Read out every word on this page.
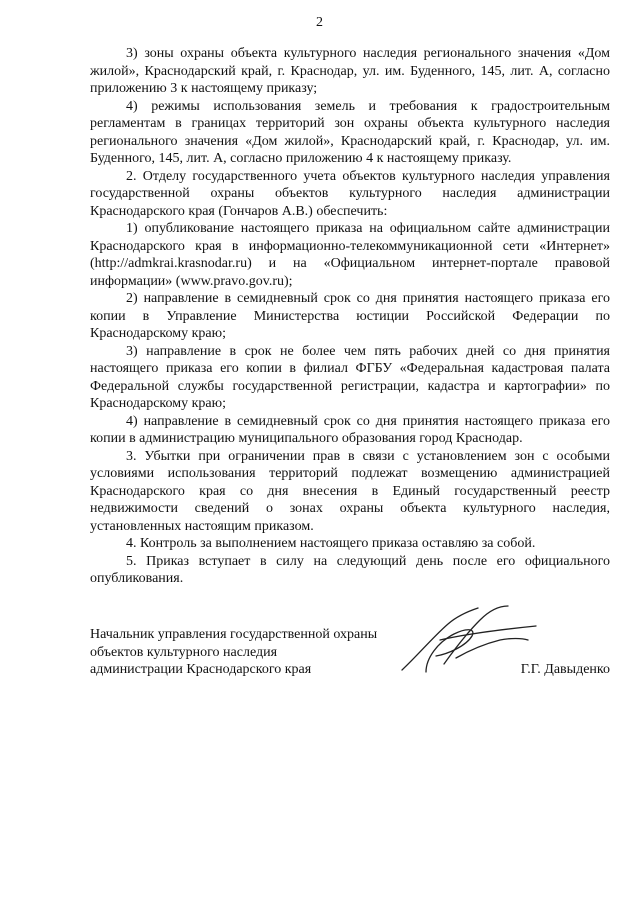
2

3) зоны охраны объекта культурного наследия регионального значения «Дом жилой», Краснодарский край, г. Краснодар, ул. им. Буденного, 145, лит. А, согласно приложению 3 к настоящему приказу;

4) режимы использования земель и требования к градостроительным регламентам в границах территорий зон охраны объекта культурного наследия регионального значения «Дом жилой», Краснодарский край, г. Краснодар, ул. им. Буденного, 145, лит. А, согласно приложению 4 к настоящему приказу.

2. Отделу государственного учета объектов культурного наследия управления государственной охраны объектов культурного наследия администрации Краснодарского края (Гончаров А.В.) обеспечить:

1) опубликование настоящего приказа на официальном сайте администрации Краснодарского края в информационно-телекоммуникационной сети «Интернет» (http://admkrai.krasnodar.ru) и на «Официальном интернет-портале правовой информации» (www.pravo.gov.ru);

2) направление в семидневный срок со дня принятия настоящего приказа его копии в Управление Министерства юстиции Российской Федерации по Краснодарскому краю;

3) направление в срок не более чем пять рабочих дней со дня принятия настоящего приказа его копии в филиал ФГБУ «Федеральная кадастровая палата Федеральной службы государственной регистрации, кадастра и картографии» по Краснодарскому краю;

4) направление в семидневный срок со дня принятия настоящего приказа его копии в администрацию муниципального образования город Краснодар.

3. Убытки при ограничении прав в связи с установлением зон с особыми условиями использования территорий подлежат возмещению администрацией Краснодарского края со дня внесения в Единый государственный реестр недвижимости сведений о зонах охраны объекта культурного наследия, установленных настоящим приказом.

4. Контроль за выполнением настоящего приказа оставляю за собой.

5. Приказ вступает в силу на следующий день после его официального опубликования.

Начальник управления государственной охраны
объектов культурного наследия
администрации Краснодарского края	Г.Г. Давыденко
